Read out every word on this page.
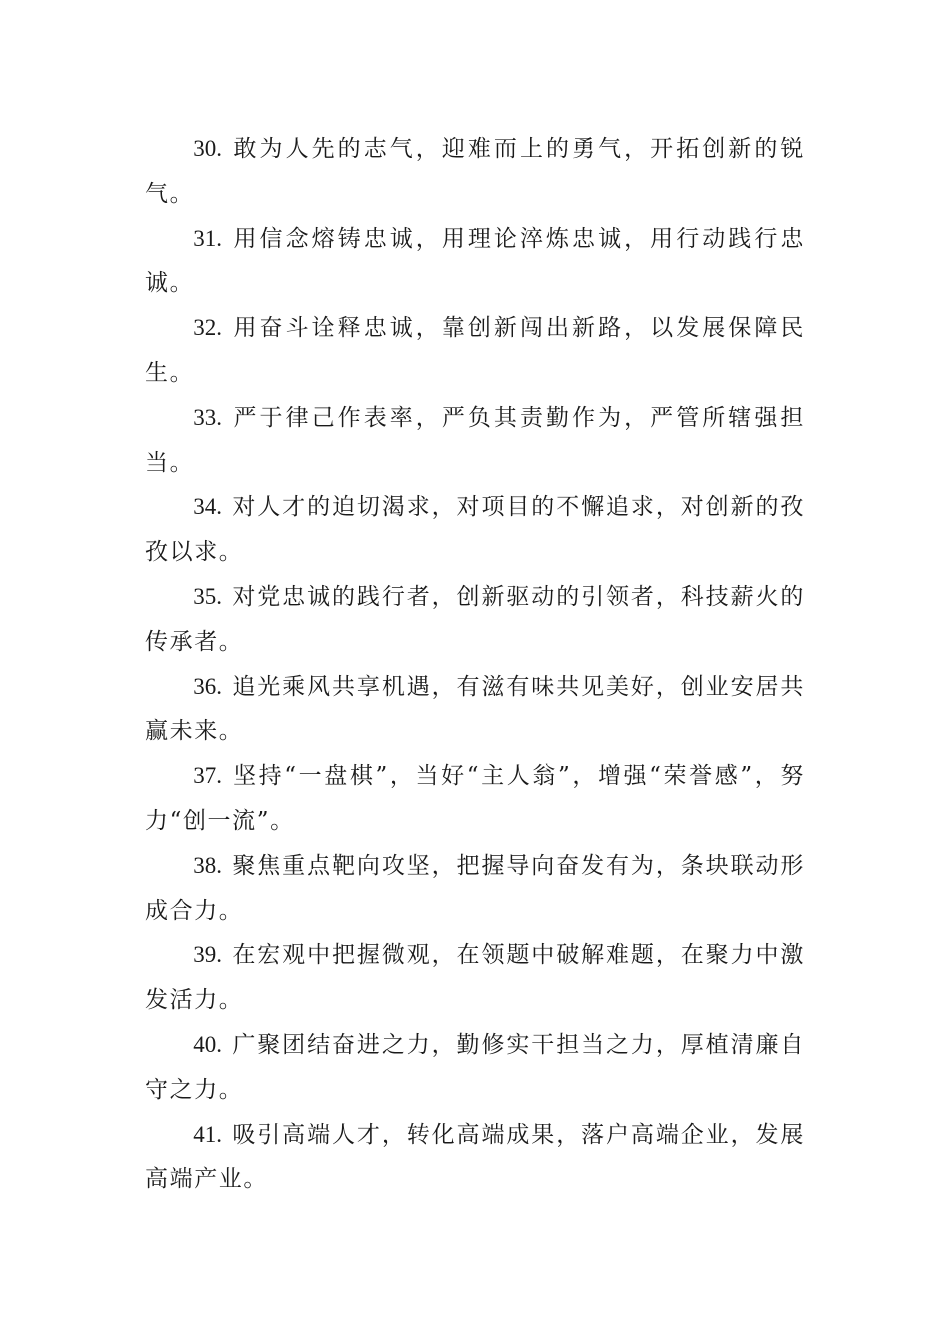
30. 敢为人先的志气，迎难而上的勇气，开拓创新的锐气。

31. 用信念熔铸忠诚，用理论淬炼忠诚，用行动践行忠诚。

32. 用奋斗诠释忠诚，靠创新闯出新路，以发展保障民生。

33. 严于律己作表率，严负其责勤作为，严管所辖强担当。

34. 对人才的迫切渴求，对项目的不懈追求，对创新的孜孜以求。

35. 对党忠诚的践行者，创新驱动的引领者，科技薪火的传承者。

36. 追光乘风共享机遇，有滋有味共见美好，创业安居共赢未来。

37. 坚持“一盘棋”，当好“主人翁”，增强“荣誉感”，努力“创一流”。

38. 聚焦重点靶向攻坚，把握导向奋发有为，条块联动形成合力。

39. 在宏观中把握微观，在领题中破解难题，在聚力中激发活力。

40. 广聚团结奋进之力，勤修实干担当之力，厚植清廉自守之力。

41. 吸引高端人才，转化高端成果，落户高端企业，发展高端产业。
